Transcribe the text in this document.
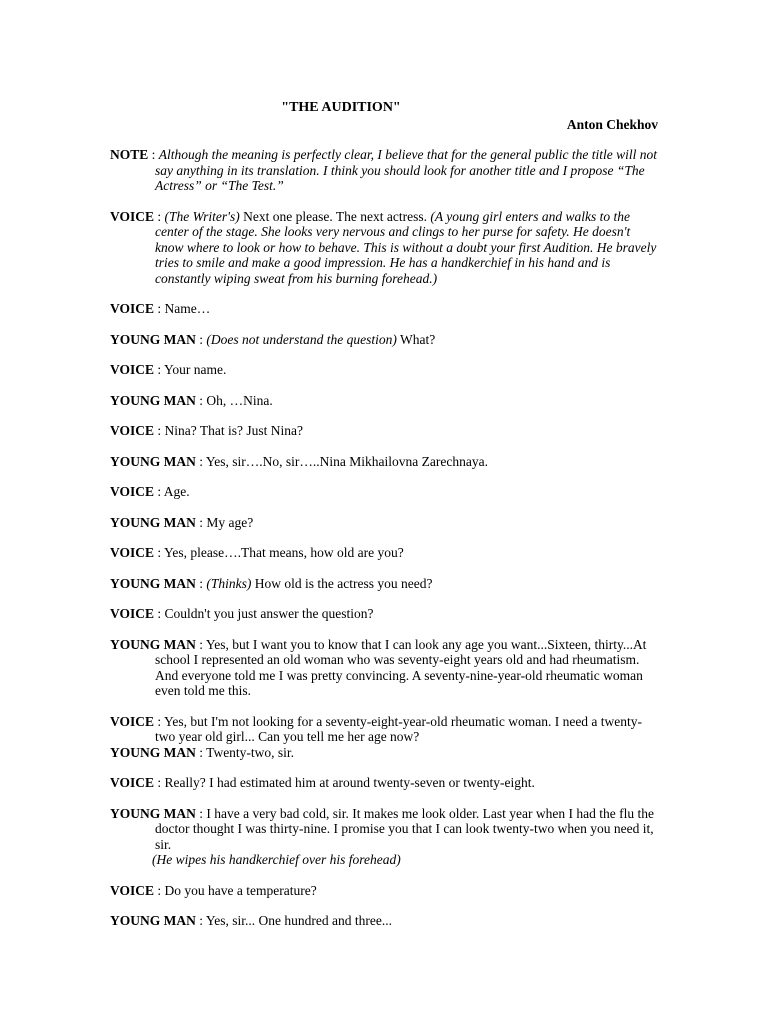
"THE AUDITION"
Anton Chekhov

NOTE : Although the meaning is perfectly clear, I believe that for the general public the title will not say anything in its translation. I think you should look for another title and I propose “The Actress” or “The Test.”

VOICE : (The Writer's) Next one please. The next actress. (A young girl enters and walks to the center of the stage. She looks very nervous and clings to her purse for safety. He doesn't know where to look or how to behave. This is without a doubt your first Audition. He bravely tries to smile and make a good impression. He has a handkerchief in his hand and is constantly wiping sweat from his burning forehead.)

VOICE : Name…

YOUNG MAN : (Does not understand the question) What?

VOICE : Your name.

YOUNG MAN : Oh, …Nina.

VOICE : Nina? That is? Just Nina?

YOUNG MAN : Yes, sir….No, sir…..Nina Mikhailovna Zarechnaya.

VOICE : Age.

YOUNG MAN : My age?

VOICE : Yes, please….That means, how old are you?

YOUNG MAN : (Thinks) How old is the actress you need?

VOICE : Couldn't you just answer the question?

YOUNG MAN : Yes, but I want you to know that I can look any age you want...Sixteen, thirty...At school I represented an old woman who was seventy-eight years old and had rheumatism. And everyone told me I was pretty convincing. A seventy-nine-year-old rheumatic woman even told me this.

VOICE : Yes, but I'm not looking for a seventy-eight-year-old rheumatic woman. I need a twenty-two year old girl... Can you tell me her age now?

YOUNG MAN : Twenty-two, sir.

VOICE : Really? I had estimated him at around twenty-seven or twenty-eight.

YOUNG MAN : I have a very bad cold, sir. It makes me look older. Last year when I had the flu the doctor thought I was thirty-nine. I promise you that I can look twenty-two when you need it, sir.

(He wipes his handkerchief over his forehead)

VOICE : Do you have a temperature?

YOUNG MAN : Yes, sir... One hundred and three...
